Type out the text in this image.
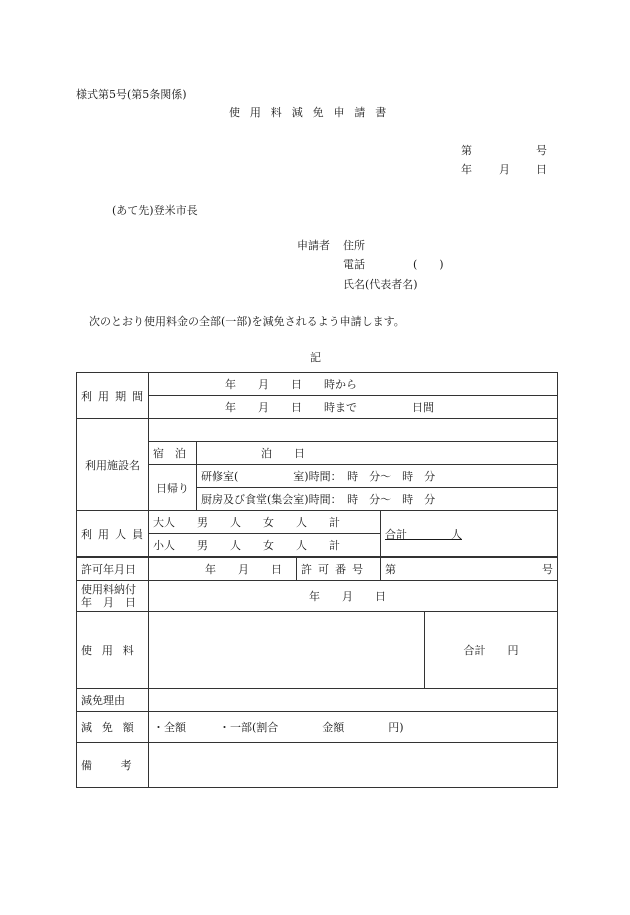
様式第5号(第5条関係)
使用料減免申請書
第	号
年 月 日
(あて先)登米市長
申請者 住所
電話	(　　)
氏名(代表者名)
次のとおり使用料金の全部(一部)を減免されるよう申請します。
記
利用期間	年　　月　　日　　時から				
	年　　月　　日　　時まで　　　　　日間				
利用施設名					
	宿　泊	泊　　日			
	日帰り	研修室(　　　　　室)時間：　時　分～　時　分			
		厨房及び食堂(集会室)時間：　時　分～　時　分			
利用人員	大人　　男　　人　　女　　人　　計			合計　　　　人	
	小人　　男　　人　　女　　人　　計				
許可年月日	年　　月　　日		許可番号	第 号	

使用料納付
年　月　日	年　　月　　日				
使用料					合計　　円
減免理由					
減免額	・全額　　　・一部(割合　　　　金額　　　　円)				
備考					
